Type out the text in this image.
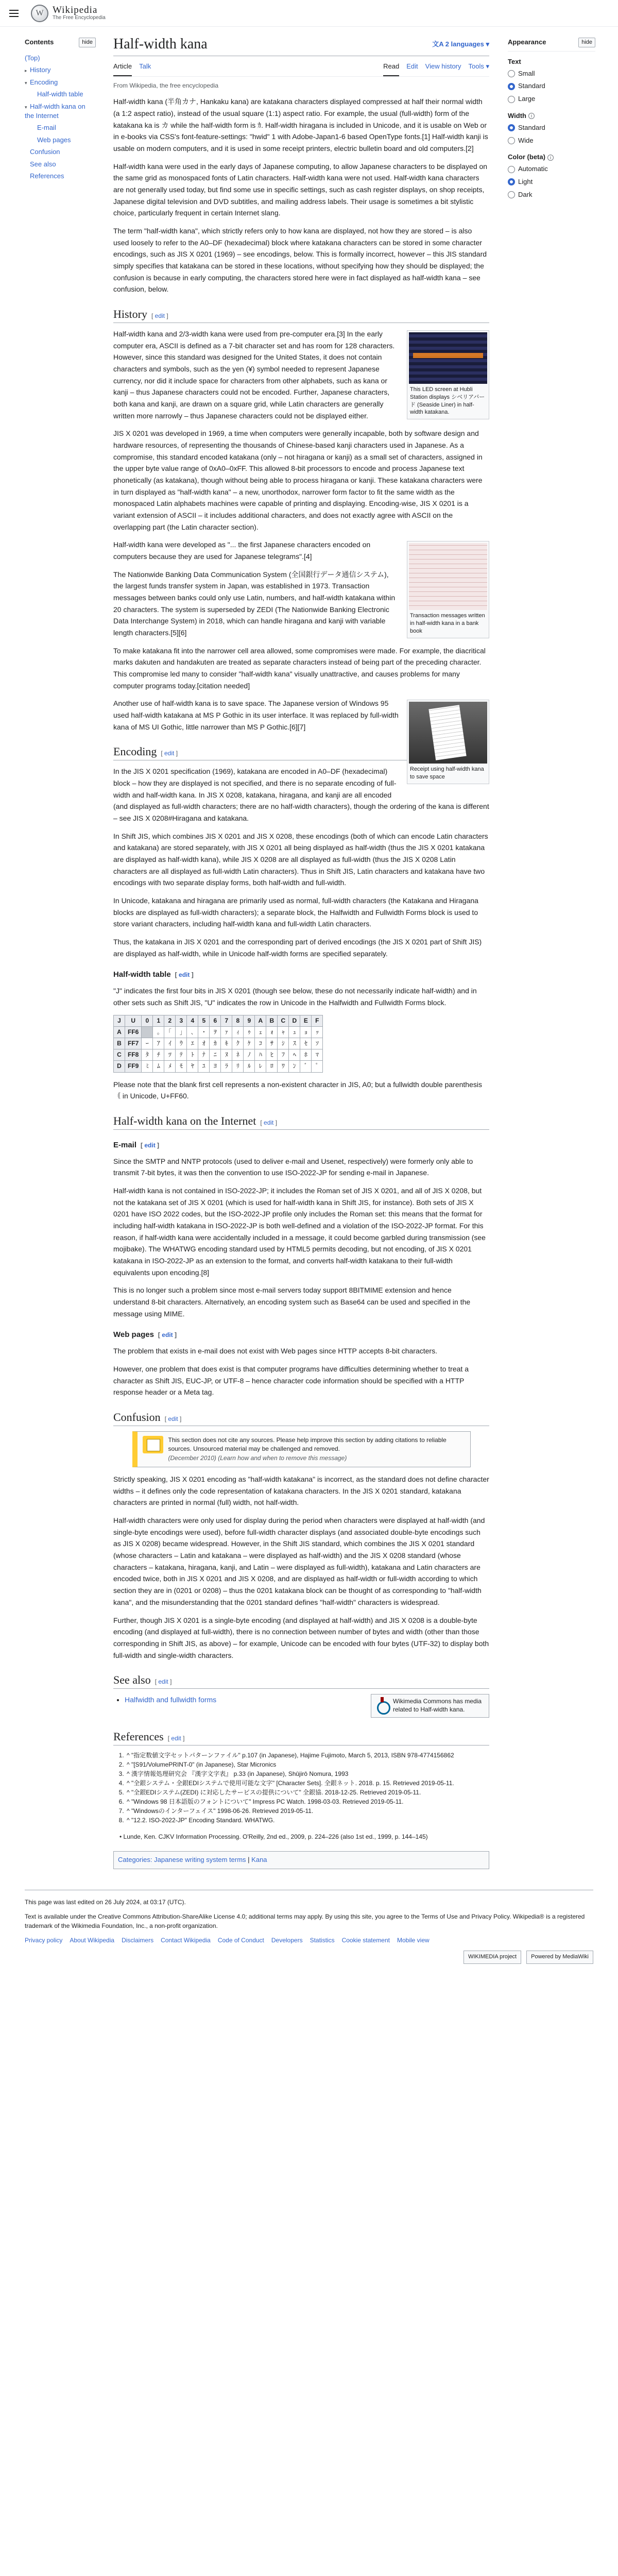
W Wikipedia
The Free Encyclopedia
Contents	hide
(Top)
▸ History
▾ Encoding
Half-width table
▾ Half-width kana on the Internet
E-mail
Web pages
Confusion
See also
References
Half-width kana	文A 2 languages ▾
Article Talk	Read Edit View history Tools ▾
From Wikipedia, the free encyclopedia

Half-width kana (半角カナ, Hankaku kana) are katakana characters displayed compressed at half their normal width (a 1:2 aspect ratio), instead of the usual square (1:1) aspect ratio. For example, the usual (full-width) form of the katakana ka is カ while the half-width form is ｶ. Half-width hiragana is included in Unicode, and it is usable on Web or in e-books via CSS's font-feature-settings: "hwid" 1 with Adobe-Japan1-6 based OpenType fonts.[1] Half-width kanji is usable on modern computers, and it is used in some receipt printers, electric bulletin board and old computers.[2]

Half-width kana were used in the early days of Japanese computing, to allow Japanese characters to be displayed on the same grid as monospaced fonts of Latin characters. Half-width kana were not used. Half-width kana characters are not generally used today, but find some use in specific settings, such as cash register displays, on shop receipts, Japanese digital television and DVD subtitles, and mailing address labels. Their usage is sometimes a bit stylistic choice, particularly frequent in certain Internet slang.

The term "half-width kana", which strictly refers only to how kana are displayed, not how they are stored – is also used loosely to refer to the A0–DF (hexadecimal) block where katakana characters can be stored in some character encodings, such as JIS X 0201 (1969) – see encodings, below. This is formally incorrect, however – this JIS standard simply specifies that katakana can be stored in these locations, without specifying how they should be displayed; the confusion is because in early computing, the characters stored here were in fact displayed as half-width kana – see confusion, below.

History [ edit ]
This LED screen at Hubli Station displays シベリアバード (Seaside Liner) in half-width katakana.

Half-width kana and 2/3-width kana were used from pre-computer era.[3] In the early computer era, ASCII is defined as a 7-bit character set and has room for 128 characters. However, since this standard was designed for the United States, it does not contain characters and symbols, such as the yen (¥) symbol needed to represent Japanese currency, nor did it include space for characters from other alphabets, such as kana or kanji – thus Japanese characters could not be encoded. Further, Japanese characters, both kana and kanji, are drawn on a square grid, while Latin characters are generally written more narrowly – thus Japanese characters could not be displayed either.

JIS X 0201 was developed in 1969, a time when computers were generally incapable, both by software design and hardware resources, of representing the thousands of Chinese-based kanji characters used in Japanese. As a compromise, this standard encoded katakana (only – not hiragana or kanji) as a small set of characters, assigned in the upper byte value range of 0xA0–0xFF. This allowed 8-bit processors to encode and process Japanese text phonetically (as katakana), though without being able to process hiragana or kanji. These katakana characters were in turn displayed as "half-width kana" – a new, unorthodox, narrower form factor to fit the same width as the monospaced Latin alphabets machines were capable of printing and displaying. Encoding-wise, JIS X 0201 is a variant extension of ASCII – it includes additional characters, and does not exactly agree with ASCII on the overlapping part (the Latin character section).

Transaction messages written in half-width kana in a bank book

Half-width kana were developed as "... the first Japanese characters encoded on computers because they are used for Japanese telegrams".[4]

The Nationwide Banking Data Communication System (全国銀行データ通信システム), the largest funds transfer system in Japan, was established in 1973. Transaction messages between banks could only use Latin, numbers, and half-width katakana within 20 characters. The system is superseded by ZEDI (The Nationwide Banking Electronic Data Interchange System) in 2018, which can handle hiragana and kanji with variable length characters.[5][6]

To make katakana fit into the narrower cell area allowed, some compromises were made. For example, the diacritical marks dakuten and handakuten are treated as separate characters instead of being part of the preceding character. This compromise led many to consider "half-width kana" visually unattractive, and causes problems for many computer programs today.[citation needed]

Receipt using half-width kana to save space

Another use of half-width kana is to save space. The Japanese version of Windows 95 used half-width katakana at MS P Gothic in its user interface. It was replaced by full-width kana of MS UI Gothic, little narrower than MS P Gothic.[6][7]

Encoding [ edit ]

In the JIS X 0201 specification (1969), katakana are encoded in A0–DF (hexadecimal) block – how they are displayed is not specified, and there is no separate encoding of full-width and half-width kana. In JIS X 0208, katakana, hiragana, and kanji are all encoded (and displayed as full-width characters; there are no half-width characters), though the ordering of the kana is different – see JIS X 0208#Hiragana and katakana.

In Shift JIS, which combines JIS X 0201 and JIS X 0208, these encodings (both of which can encode Latin characters and katakana) are stored separately, with JIS X 0201 all being displayed as half-width (thus the JIS X 0201 katakana are displayed as half-width kana), while JIS X 0208 are all displayed as full-width (thus the JIS X 0208 Latin characters are all displayed as full-width Latin characters). Thus in Shift JIS, Latin characters and katakana have two encodings with two separate display forms, both half-width and full-width.

In Unicode, katakana and hiragana are primarily used as normal, full-width characters (the Katakana and Hiragana blocks are displayed as full-width characters); a separate block, the Halfwidth and Fullwidth Forms block is used to store variant characters, including half-width kana and full-width Latin characters.

Thus, the katakana in JIS X 0201 and the corresponding part of derived encodings (the JIS X 0201 part of Shift JIS) are displayed as half-width, while in Unicode half-width forms are specified separately.

Half-width table [ edit ]

"J" indicates the first four bits in JIS X 0201 (though see below, these do not necessarily indicate half-width) and in other sets such as Shift JIS, "U" indicates the row in Unicode in the Halfwidth and Fullwidth Forms block.

J	U	0	1	2	3	4	5	6	7	8	9	A	B	C	D	E	F
A	FF6		｡	｢	｣	､	･	ｦ	ｧ	ｨ	ｩ	ｪ	ｫ	ｬ	ｭ	ｮ	ｯ
B	FF7	ｰ	ｱ	ｲ	ｳ	ｴ	ｵ	ｶ	ｷ	ｸ	ｹ	ｺ	ｻ	ｼ	ｽ	ｾ	ｿ
C	FF8	ﾀ	ﾁ	ﾂ	ﾃ	ﾄ	ﾅ	ﾆ	ﾇ	ﾈ	ﾉ	ﾊ	ﾋ	ﾌ	ﾍ	ﾎ	ﾏ
D	FF9	ﾐ	ﾑ	ﾒ	ﾓ	ﾔ	ﾕ	ﾖ	ﾗ	ﾘ	ﾙ	ﾚ	ﾛ	ﾜ	ﾝ	ﾞ	ﾟ

Please note that the blank first cell represents a non-existent character in JIS, A0; but a fullwidth double parenthesis ｟ in Unicode, U+FF60.

Half-width kana on the Internet [ edit ]
E-mail [ edit ]

Since the SMTP and NNTP protocols (used to deliver e-mail and Usenet, respectively) were formerly only able to transmit 7-bit bytes, it was then the convention to use ISO-2022-JP for sending e-mail in Japanese.

Half-width kana is not contained in ISO-2022-JP; it includes the Roman set of JIS X 0201, and all of JIS X 0208, but not the katakana set of JIS X 0201 (which is used for half-width kana in Shift JIS, for instance). Both sets of JIS X 0201 have ISO 2022 codes, but the ISO-2022-JP profile only includes the Roman set: this means that the format for including half-width katakana in ISO-2022-JP is both well-defined and a violation of the ISO-2022-JP format. For this reason, if half-width kana were accidentally included in a message, it could become garbled during transmission (see mojibake). The WHATWG encoding standard used by HTML5 permits decoding, but not encoding, of JIS X 0201 katakana in ISO-2022-JP as an extension to the format, and converts half-width katakana to their full-width equivalents upon encoding.[8]

This is no longer such a problem since most e-mail servers today support 8BITMIME extension and hence understand 8-bit characters. Alternatively, an encoding system such as Base64 can be used and specified in the message using MIME.

Web pages [ edit ]

The problem that exists in e-mail does not exist with Web pages since HTTP accepts 8-bit characters.

However, one problem that does exist is that computer programs have difficulties determining whether to treat a character as Shift JIS, EUC-JP, or UTF-8 – hence character code information should be specified with a HTTP response header or a Meta tag.

Confusion [ edit ]
This section does not cite any sources. Please help improve this section by adding citations to reliable sources. Unsourced material may be challenged and removed.
(December 2010) (Learn how and when to remove this message)

Strictly speaking, JIS X 0201 encoding as "half-width katakana" is incorrect, as the standard does not define character widths – it defines only the code representation of katakana characters. In the JIS X 0201 standard, katakana characters are printed in normal (full) width, not half-width.

Half-width characters were only used for display during the period when characters were displayed at half-width (and single-byte encodings were used), before full-width character displays (and associated double-byte encodings such as JIS X 0208) became widespread. However, in the Shift JIS standard, which combines the JIS X 0201 standard (whose characters – Latin and katakana – were displayed as half-width) and the JIS X 0208 standard (whose characters – katakana, hiragana, kanji, and Latin – were displayed as full-width), katakana and Latin characters are encoded twice, both in JIS X 0201 and JIS X 0208, and are displayed as half-width or full-width according to which section they are in (0201 or 0208) – thus the 0201 katakana block can be thought of as corresponding to "half-width kana", and the misunderstanding that the 0201 standard defines "half-width" characters is widespread.

Further, though JIS X 0201 is a single-byte encoding (and displayed at half-width) and JIS X 0208 is a double-byte encoding (and displayed at full-width), there is no connection between number of bytes and width (other than those corresponding in Shift JIS, as above) – for example, Unicode can be encoded with four bytes (UTF-32) to display both full-width and single-width characters.

See also [ edit ]
Wikimedia Commons has media related to Half-width kana.
• Halfwidth and fullwidth forms
References [ edit ]
1. ^ "指定数値文字セットパターンファイル" p.107 (in Japanese), Hajime Fujimoto, March 5, 2013, ISBN 978-4774156862
2. ^ "[S91/VolumePRINT-0" (in Japanese), Star Micronics
3. ^ 漢字情報処理研究会 『漢字文字表』 p.33 (in Japanese), Shūjirō Nomura, 1993
4. ^ "全銀システム・全銀EDIシステムで使用可能な文字" [Character Sets]. 全銀ネット. 2018. p. 15. Retrieved 2019-05-11.
5. ^ "全銀EDIシステム(ZEDI) に対応したサービスの提供について" 全銀協. 2018-12-25. Retrieved 2019-05-11.
6. ^ "Windows 98 日本語版のフォントについて" Impress PC Watch. 1998-03-03. Retrieved 2019-05-11.
7. ^ "Windowsのインターフェイス" 1998-06-26. Retrieved 2019-05-11.
8. ^ "12.2. ISO-2022-JP" Encoding Standard. WHATWG.
• Lunde, Ken. CJKV Information Processing. O'Reilly, 2nd ed., 2009, p. 224–226 (also 1st ed., 1999, p. 144–145)
Categories: Japanese writing system terms | Kana
Appearance	hide
Text
Small
Standard
Large
Width	i
Standard
Wide
Color (beta)	i
Automatic
Light
Dark

This page was last edited on 26 July 2024, at 03:17 (UTC).

Text is available under the Creative Commons Attribution-ShareAlike License 4.0; additional terms may apply. By using this site, you agree to the Terms of Use and Privacy Policy. Wikipedia® is a registered trademark of the Wikimedia Foundation, Inc., a non-profit organization.

Privacy policy About Wikipedia Disclaimers Contact Wikipedia Code of Conduct Developers Statistics Cookie statement Mobile view
WIKIMEDIA project	Powered by MediaWiki
